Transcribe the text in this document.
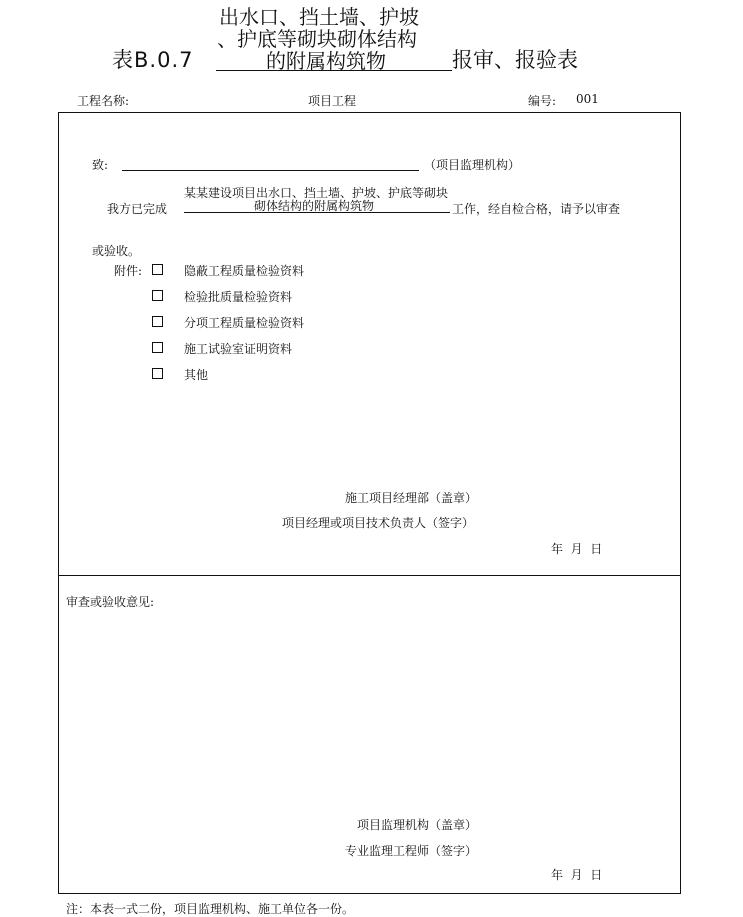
表B.0.7
出水口、挡土墙、护坡
、护底等砌块砌体结构
的附属构筑物	报审、报验表
工程名称:	项目工程	编号: 001
致:	（项目监理机构）
我方已完成
某某建设项目出水口、挡土墙、护坡、护底等砌块
砌体结构的附属构筑物	工作，经自检合格，请予以审查
或验收。
附件:	隐蔽工程质量检验资料
检验批质量检验资料
分项工程质量检验资料
施工试验室证明资料
其他
施工项目经理部（盖章）
项目经理或项目技术负责人（签字）
年  月  日
审查或验收意见:
项目监理机构（盖章）
专业监理工程师（签字）
年  月  日
注：本表一式二份，项目监理机构、施工单位各一份。
